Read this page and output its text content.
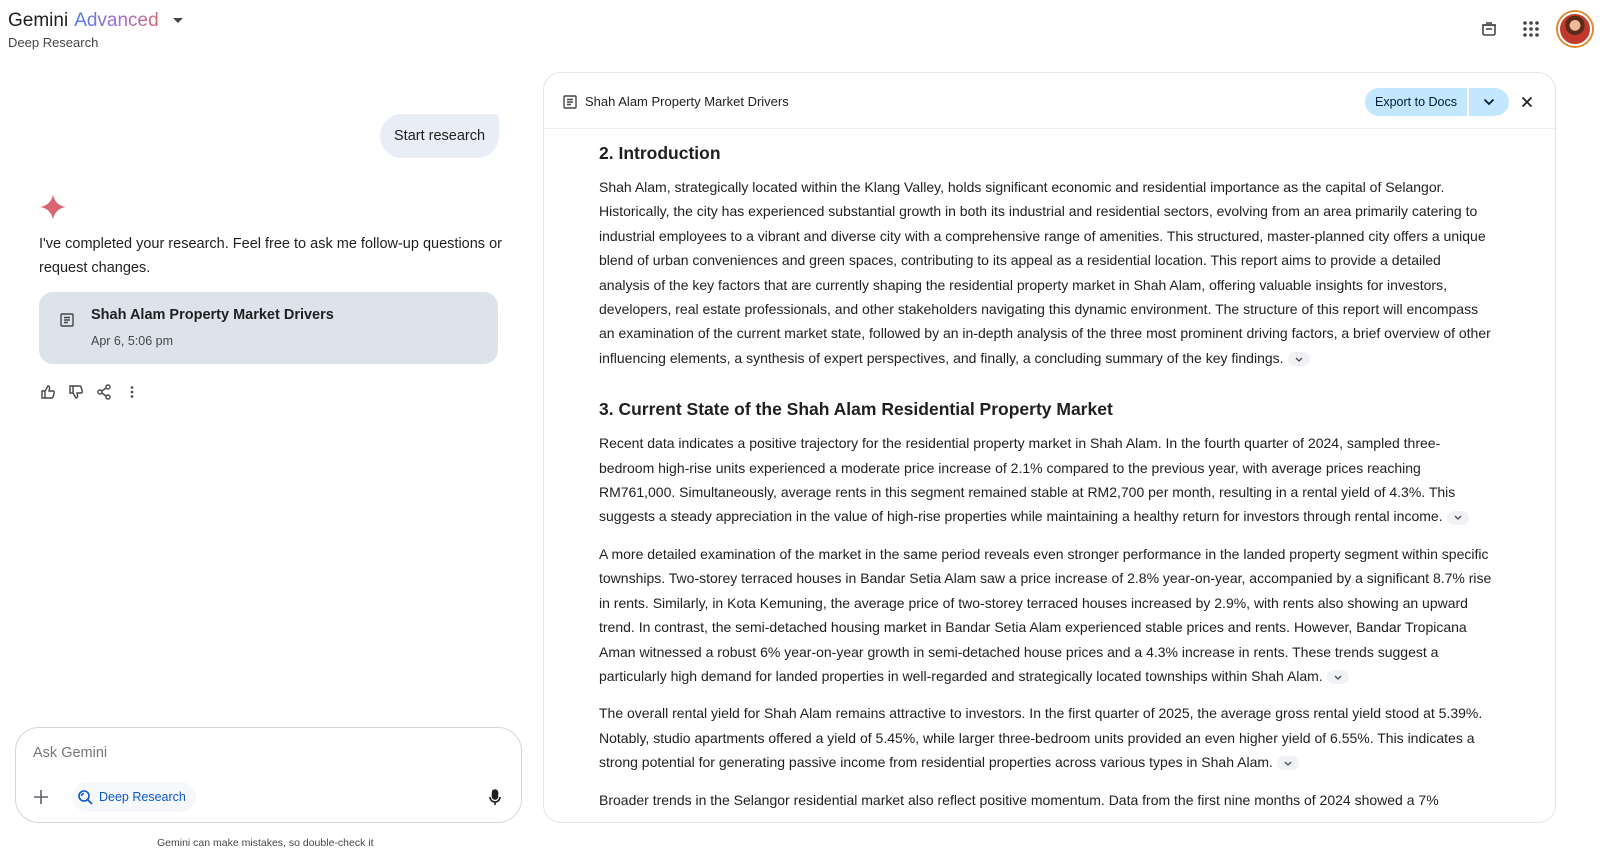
Gemini Advanced
Deep Research
Start research
I've completed your research. Feel free to ask me follow-up questions or request changes.
Shah Alam Property Market Drivers
Apr 6, 5:06 pm
Ask Gemini
Deep Research
Gemini can make mistakes, so double-check it
Shah Alam Property Market Drivers	Export to Docs
2. Introduction

Shah Alam, strategically located within the Klang Valley, holds significant economic and residential importance as the capital of Selangor. Historically, the city has experienced substantial growth in both its industrial and residential sectors, evolving from an area primarily catering to industrial employees to a vibrant and diverse city with a comprehensive range of amenities. This structured, master-planned city offers a unique blend of urban conveniences and green spaces, contributing to its appeal as a residential location. This report aims to provide a detailed analysis of the key factors that are currently shaping the residential property market in Shah Alam, offering valuable insights for investors, developers, real estate professionals, and other stakeholders navigating this dynamic environment. The structure of this report will encompass an examination of the current market state, followed by an in-depth analysis of the three most prominent driving factors, a brief overview of other influencing elements, a synthesis of expert perspectives, and finally, a concluding summary of the key findings.

3. Current State of the Shah Alam Residential Property Market

Recent data indicates a positive trajectory for the residential property market in Shah Alam. In the fourth quarter of 2024, sampled three-bedroom high-rise units experienced a moderate price increase of 2.1% compared to the previous year, with average prices reaching RM761,000. Simultaneously, average rents in this segment remained stable at RM2,700 per month, resulting in a rental yield of 4.3%. This suggests a steady appreciation in the value of high-rise properties while maintaining a healthy return for investors through rental income.

A more detailed examination of the market in the same period reveals even stronger performance in the landed property segment within specific townships. Two-storey terraced houses in Bandar Setia Alam saw a price increase of 2.8% year-on-year, accompanied by a significant 8.7% rise in rents. Similarly, in Kota Kemuning, the average price of two-storey terraced houses increased by 2.9%, with rents also showing an upward trend. In contrast, the semi-detached housing market in Bandar Setia Alam experienced stable prices and rents. However, Bandar Tropicana Aman witnessed a robust 6% year-on-year growth in semi-detached house prices and a 4.3% increase in rents. These trends suggest a particularly high demand for landed properties in well-regarded and strategically located townships within Shah Alam.

The overall rental yield for Shah Alam remains attractive to investors. In the first quarter of 2025, the average gross rental yield stood at 5.39%. Notably, studio apartments offered a yield of 5.45%, while larger three-bedroom units provided an even higher yield of 6.55%. This indicates a strong potential for generating passive income from residential properties across various types in Shah Alam.

Broader trends in the Selangor residential market also reflect positive momentum. Data from the first nine months of 2024 showed a 7%
